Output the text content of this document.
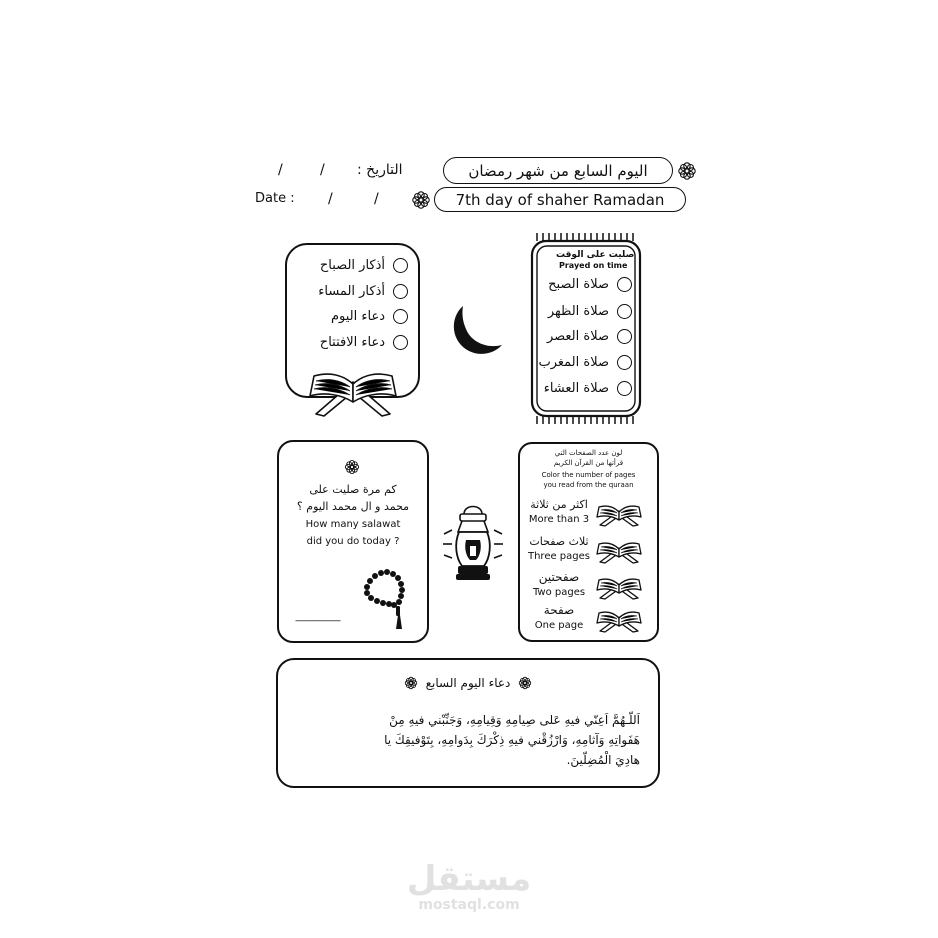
اليوم السابع من شهر رمضان
التاريخ :
/
/
7th day of shaher Ramadan
Date : /	/
أذكار الصباح
أذكار المساء
دعاء اليوم
دعاء الافتتاح
صليت على الوقت
Prayed on time
صلاة الصبح
صلاة الظهر
صلاة العصر
صلاة المغرب
صلاة العشاء
كم مرة صليت على
محمد و ال محمد اليوم ؟
How many salawat
did you do today ?
--------------------
لون عدد الصفحات التي
قرأتها من القرآن الكريم
Color the number of pages
you read from the quraan
اكثر من ثلاثة
More than 3
ثلاث صفحات
Three pages
صفحتين
Two pages
صفحة
One page
دعاء اليوم السابع
اَللّـهُمَّ اَعِنّي فيهِ عَلى صِيامِهِ وَقِيامِهِ، وَجَنِّبْني فيهِ مِنْ
هَفَواتِهِ وَآثامِهِ، وَارْزُقْني فيهِ ذِكْرَكَ بِدَوامِهِ، بِتَوْفيقِكَ يا
هادِيَ الْمُضِلّينَ.
مستقل
mostaql.com
